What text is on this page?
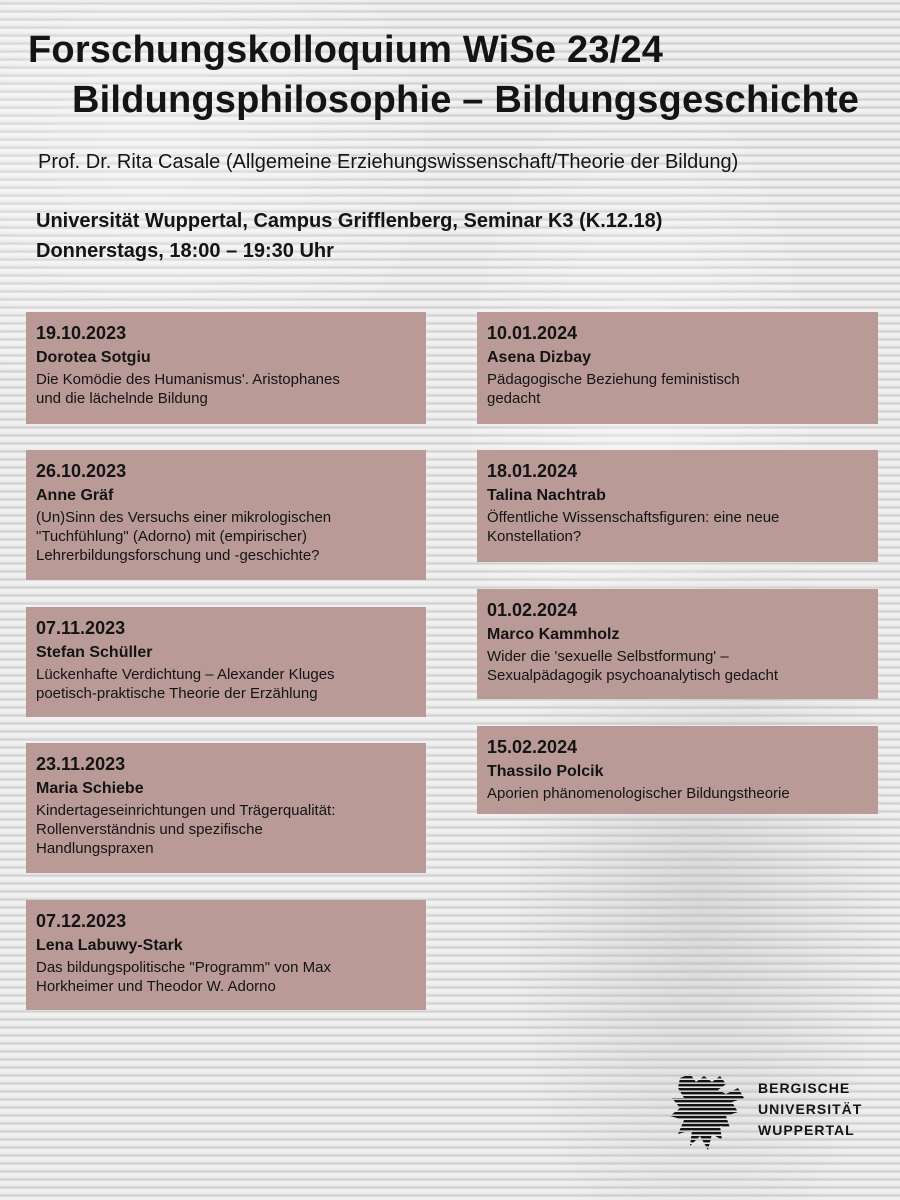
Forschungskolloquium WiSe 23/24
Bildungsphilosophie – Bildungsgeschichte
Prof. Dr. Rita Casale (Allgemeine Erziehungswissenschaft/Theorie der Bildung)
Universität Wuppertal, Campus Grifflenberg, Seminar K3 (K.12.18)
Donnerstags, 18:00 – 19:30 Uhr
19.10.2023
Dorotea Sotgiu
Die Komödie des Humanismus'. Aristophanes
und die lächelnde Bildung
26.10.2023
Anne Gräf
(Un)Sinn des Versuchs einer mikrologischen
"Tuchfühlung" (Adorno) mit (empirischer)
Lehrerbildungsforschung und -geschichte?
07.11.2023
Stefan Schüller
Lückenhafte Verdichtung – Alexander Kluges
poetisch-praktische Theorie der Erzählung
23.11.2023
Maria Schiebe
Kindertageseinrichtungen und Trägerqualität:
Rollenverständnis und spezifische
Handlungspraxen
07.12.2023
Lena Labuwy-Stark
Das bildungspolitische "Programm" von Max
Horkheimer und Theodor W. Adorno
10.01.2024
Asena Dizbay
Pädagogische Beziehung feministisch
gedacht
18.01.2024
Talina Nachtrab
Öffentliche Wissenschaftsfiguren: eine neue
Konstellation?
01.02.2024
Marco Kammholz
Wider die 'sexuelle Selbstformung' –
Sexualpädagogik psychoanalytisch gedacht
15.02.2024
Thassilo Polcik
Aporien phänomenologischer Bildungstheorie
BERGISCHE
UNIVERSITÄT
WUPPERTAL
